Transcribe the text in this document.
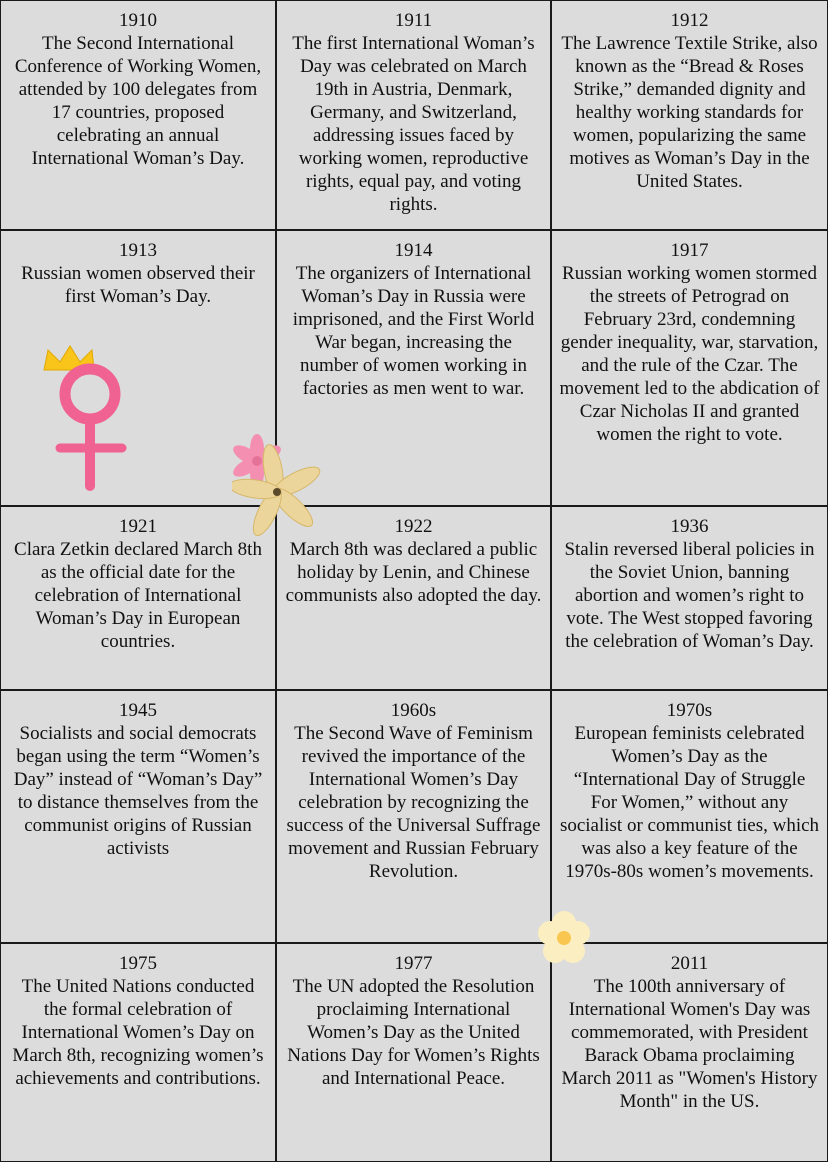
1910
The Second International Conference of Working Women, attended by 100 delegates from 17 countries, proposed celebrating an annual International Woman’s Day.
1911
The first International Woman’s Day was celebrated on March 19th in Austria, Denmark, Germany, and Switzerland, addressing issues faced by working women, reproductive rights, equal pay, and voting rights.
1912
The Lawrence Textile Strike, also known as the “Bread & Roses Strike,” demanded dignity and healthy working standards for women, popularizing the same motives as Woman’s Day in the United States.
1913
Russian women observed their first Woman’s Day.
1914
The organizers of International Woman’s Day in Russia were imprisoned, and the First World War began, increasing the number of women working in factories as men went to war.
1917
Russian working women stormed the streets of Petrograd on February 23rd, condemning gender inequality, war, starvation, and the rule of the Czar. The movement led to the abdication of Czar Nicholas II and granted women the right to vote.
1921
Clara Zetkin declared March 8th as the official date for the celebration of International Woman’s Day in European countries.
1922
March 8th was declared a public holiday by Lenin, and Chinese communists also adopted the day.
1936
Stalin reversed liberal policies in the Soviet Union, banning abortion and women’s right to vote. The West stopped favoring the celebration of Woman’s Day.
1945
Socialists and social democrats began using the term “Women’s Day” instead of “Woman’s Day” to distance themselves from the communist origins of Russian activists
1960s
The Second Wave of Feminism revived the importance of the International Women’s Day celebration by recognizing the success of the Universal Suffrage movement and Russian February Revolution.
1970s
European feminists celebrated Women’s Day as the “International Day of Struggle For Women,” without any socialist or communist ties, which was also a key feature of the 1970s-80s women’s movements.
1975
The United Nations conducted the formal celebration of International Women’s Day on March 8th, recognizing women’s achievements and contributions.
1977
The UN adopted the Resolution proclaiming International Women’s Day as the United Nations Day for Women’s Rights and International Peace.
2011
The 100th anniversary of International Women's Day was commemorated, with President Barack Obama proclaiming March 2011 as "Women's History Month" in the US.
